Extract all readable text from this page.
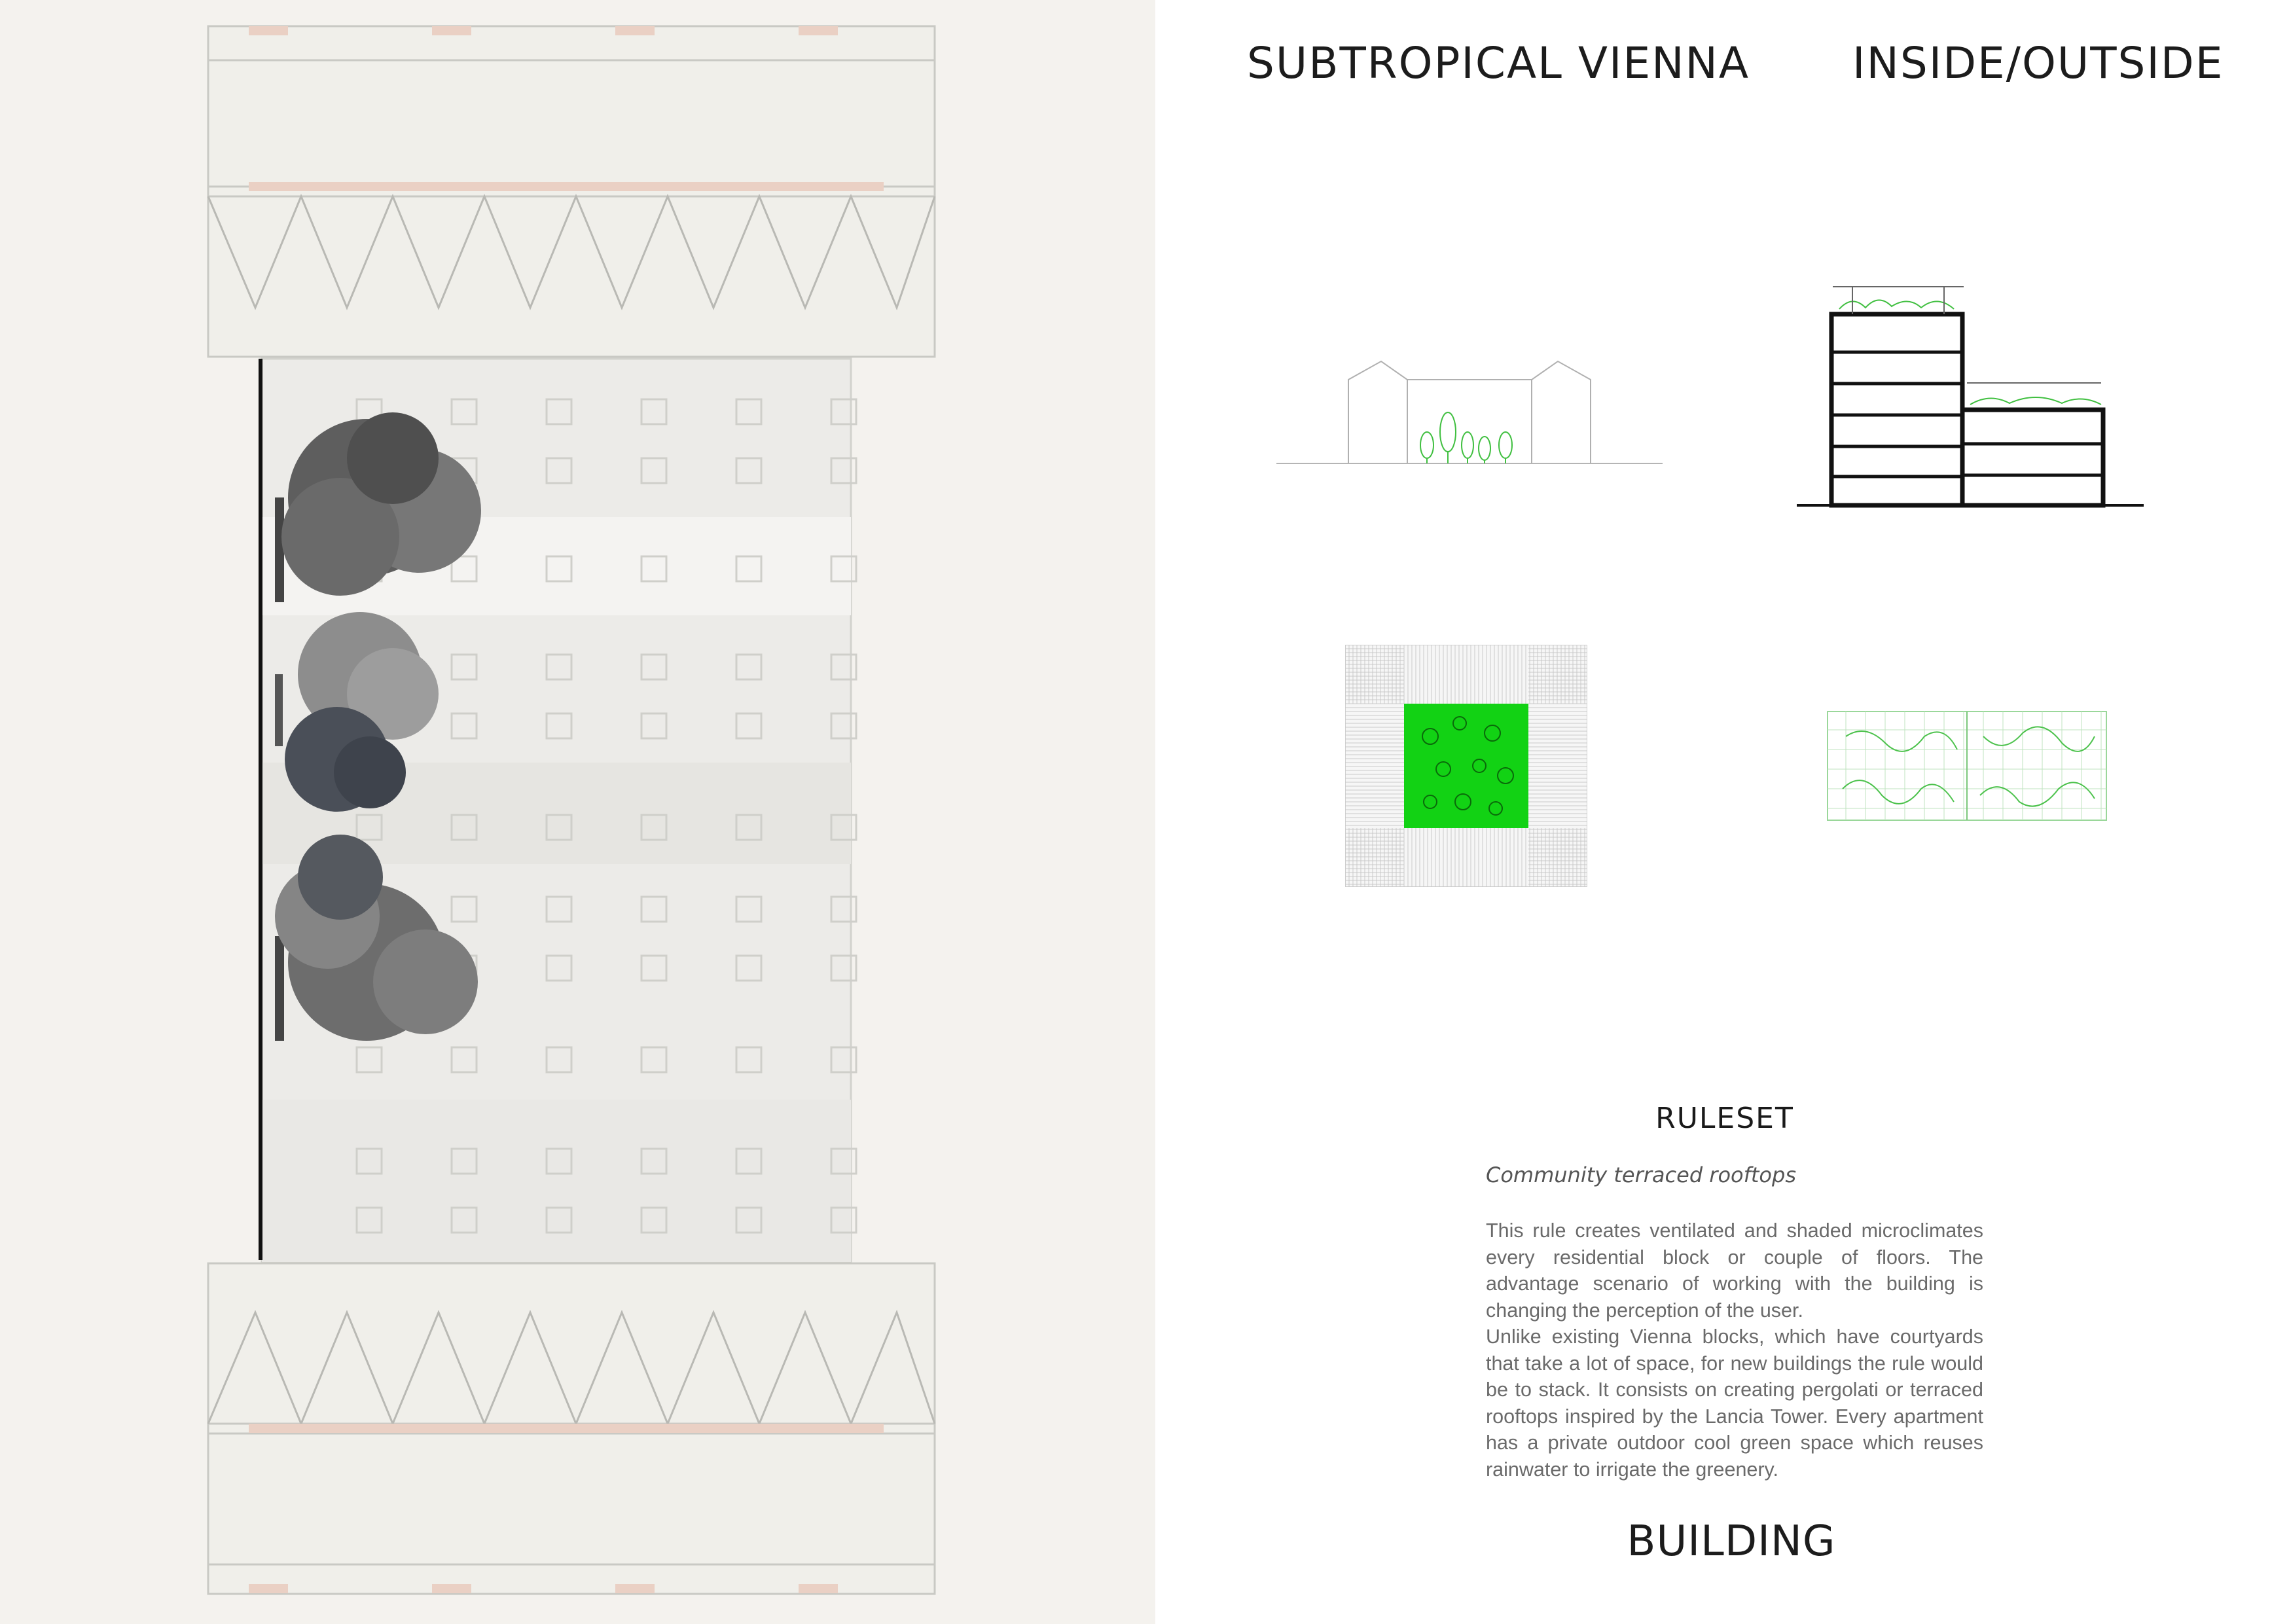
SUBTROPICAL VIENNA INSIDE/OUTSIDE
RULESET
Community terraced rooftops

This rule creates ventilated and shaded microclimates every residential block or couple of floors. The advantage scenario of working with the building is changing the perception of the user.

Unlike existing Vienna blocks, which have courtyards that take a lot of space, for new buildings the rule would be to stack. It consists on creating pergolati or terraced rooftops inspired by the Lancia Tower. Every apartment has a private outdoor cool green space which reuses rainwater to irrigate the greenery.

BUILDING
